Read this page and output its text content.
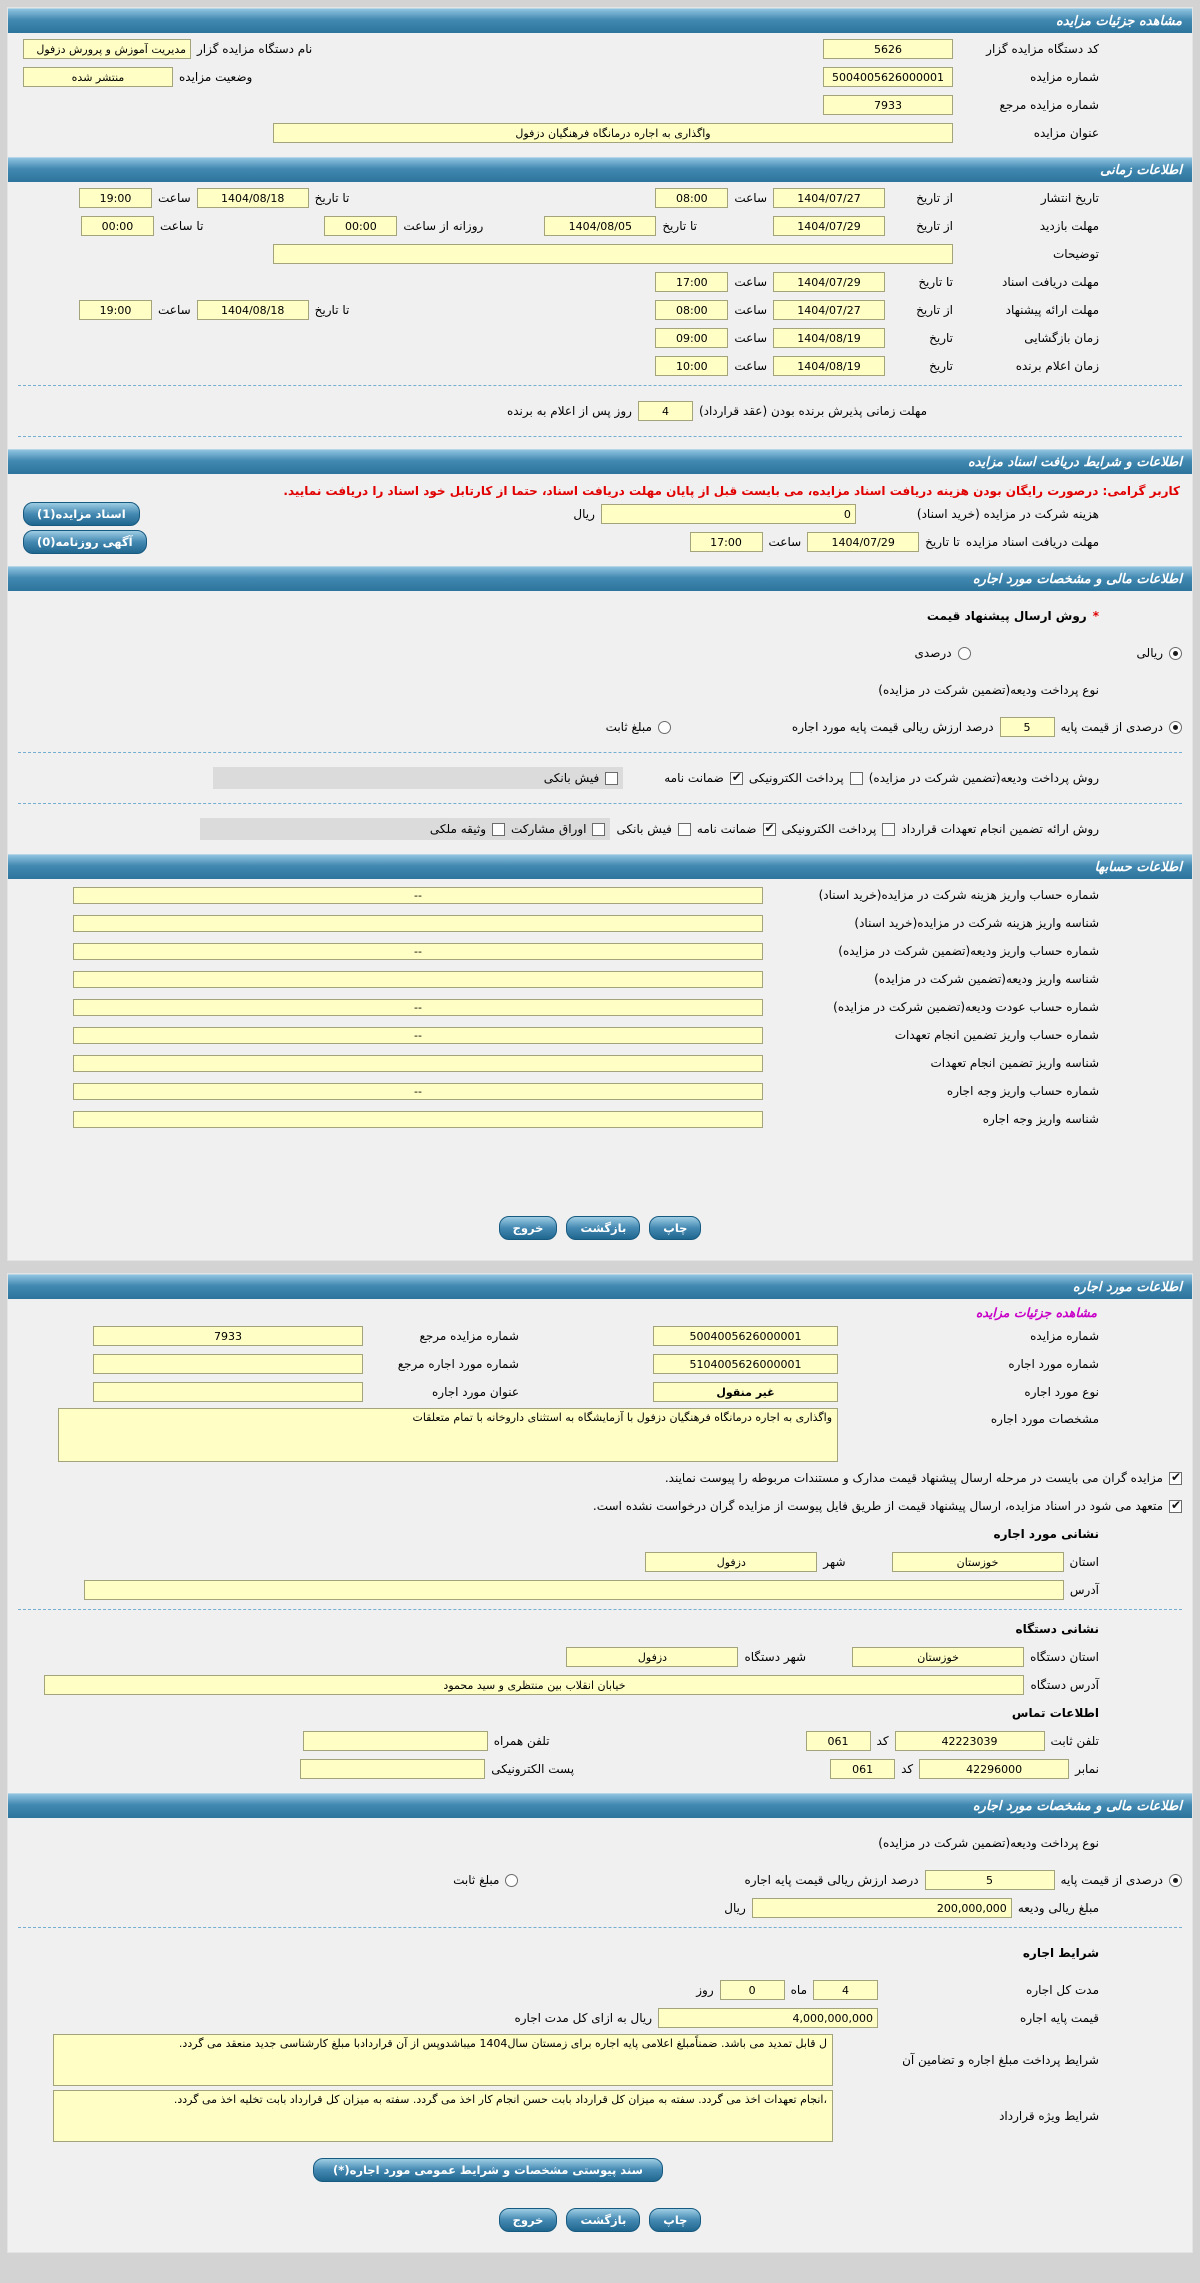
مشاهده جزئیات مزایده
کد دستگاه مزایده گزار
5626
نام دستگاه مزایده گزار
مدیریت آموزش و پرورش دزفول
شماره مزایده
5004005626000001
وضعیت مزایده
منتشر شده
شماره مزایده مرجع
7933
عنوان مزایده
واگذاری به اجاره درمانگاه فرهنگیان دزفول
اطلاعات زمانی
تاریخ انتشار
از تاریخ
1404/07/27
ساعت
08:00
تا تاریخ
1404/08/18
ساعت
19:00
مهلت بازدید
از تاریخ
1404/07/29
تا تاریخ
1404/08/05
روزانه از ساعت
00:00
تا ساعت
00:00
توضیحات
مهلت دریافت اسناد
تا تاریخ
1404/07/29
ساعت
17:00
مهلت ارائه پیشنهاد
از تاریخ
1404/07/27
ساعت
08:00
تا تاریخ
1404/08/18
ساعت
19:00
زمان بازگشایی
تاریخ
1404/08/19
ساعت
09:00
زمان اعلام برنده
تاریخ
1404/08/19
ساعت
10:00
مهلت زمانی پذیرش برنده بودن (عقد قرارداد)
4
روز پس از اعلام به برنده
اطلاعات و شرایط دریافت اسناد مزایده
کاربر گرامی: درصورت رایگان بودن هزینه دریافت اسناد مزایده، می بایست قبل از پایان مهلت دریافت اسناد، حتما از کارتابل خود اسناد را دریافت نمایید.
هزینه شرکت در مزایده (خرید اسناد)
0
ریال
اسناد مزایده(1)
مهلت دریافت اسناد مزایده
تا تاریخ
1404/07/29
ساعت
17:00
آگهی روزنامه(0)
اطلاعات مالی و مشخصات مورد اجاره
*
روش ارسال پیشنهاد قیمت
ریالی
درصدی
نوع پرداخت ودیعه(تضمین شرکت در مزایده)
درصدی از قیمت پایه
5
درصد ارزش ریالی قیمت پایه مورد اجاره
مبلغ ثابت
روش پرداخت ودیعه(تضمین شرکت در مزایده)
پرداخت الکترونیکی
✔
ضمانت نامه
فیش بانکی
روش ارائه تضمین انجام تعهدات قرارداد
پرداخت الکترونیکی
✔
ضمانت نامه
فیش بانکی
اوراق مشارکت
وثیقه ملکی
اطلاعات حسابها
شماره حساب واریز هزینه شرکت در مزایده(خرید اسناد)
--
شناسه واریز هزینه شرکت در مزایده(خرید اسناد)
شماره حساب واریز ودیعه(تضمین شرکت در مزایده)
--
شناسه واریز ودیعه(تضمین شرکت در مزایده)
شماره حساب عودت ودیعه(تضمین شرکت در مزایده)
--
شماره حساب واریز تضمین انجام تعهدات
--
شناسه واریز تضمین انجام تعهدات
شماره حساب واریز وجه اجاره
--
شناسه واریز وجه اجاره
چاپ
بازگشت
خروج
اطلاعات مورد اجاره
مشاهده جزئیات مزایده
شماره مزایده
5004005626000001
شماره مزایده مرجع
7933
شماره مورد اجاره
5104005626000001
شماره مورد اجاره مرجع
نوع مورد اجاره
غیر منقول
عنوان مورد اجاره
مشخصات مورد اجاره
واگذاری به اجاره درمانگاه فرهنگیان دزفول با آزمایشگاه به استثنای داروخانه با تمام متعلقات
✔
مزایده گران می بایست در مرحله ارسال پیشنهاد قیمت مدارک و مستندات مربوطه را پیوست نمایند.
✔
متعهد می شود در اسناد مزایده، ارسال پیشنهاد قیمت از طریق فایل پیوست از مزایده گران درخواست نشده است.
نشانی مورد اجاره
استان
خوزستان
شهر
دزفول
آدرس
نشانی دستگاه
استان دستگاه
خوزستان
شهر دستگاه
دزفول
آدرس دستگاه
خیابان انقلاب بین منتظری و سید محمود
اطلاعات تماس
تلفن ثابت
42223039
کد
061
تلفن همراه
نمابر
42296000
کد
061
پست الکترونیکی
اطلاعات مالی و مشخصات مورد اجاره
نوع پرداخت ودیعه(تضمین شرکت در مزایده)
درصدی از قیمت پایه
5
درصد ارزش ریالی قیمت پایه اجاره
مبلغ ثابت
مبلغ ریالی ودیعه
200,000,000
ریال
شرایط اجاره
مدت کل اجاره
4
ماه
0
روز
قیمت پایه اجاره
4,000,000,000
ریال به ازای کل مدت اجاره
شرایط پرداخت مبلغ اجاره و تضامین آن
ل قابل تمدید می باشد. ضمناًمبلغ اعلامی پایه اجاره برای زمستان سال1404 میباشدوپس از آن قراردادبا مبلغ کارشناسی جدید منعقد می گردد.
شرایط ویژه قرارداد
،انجام تعهدات اخذ می گردد. سفته به میزان کل قرارداد بابت حسن انجام کار اخذ می گردد. سفته به میزان کل قرارداد بابت تخلیه اخذ می گردد.
سند پیوستی مشخصات و شرایط عمومی مورد اجاره(*)
چاپ
بازگشت
خروج
